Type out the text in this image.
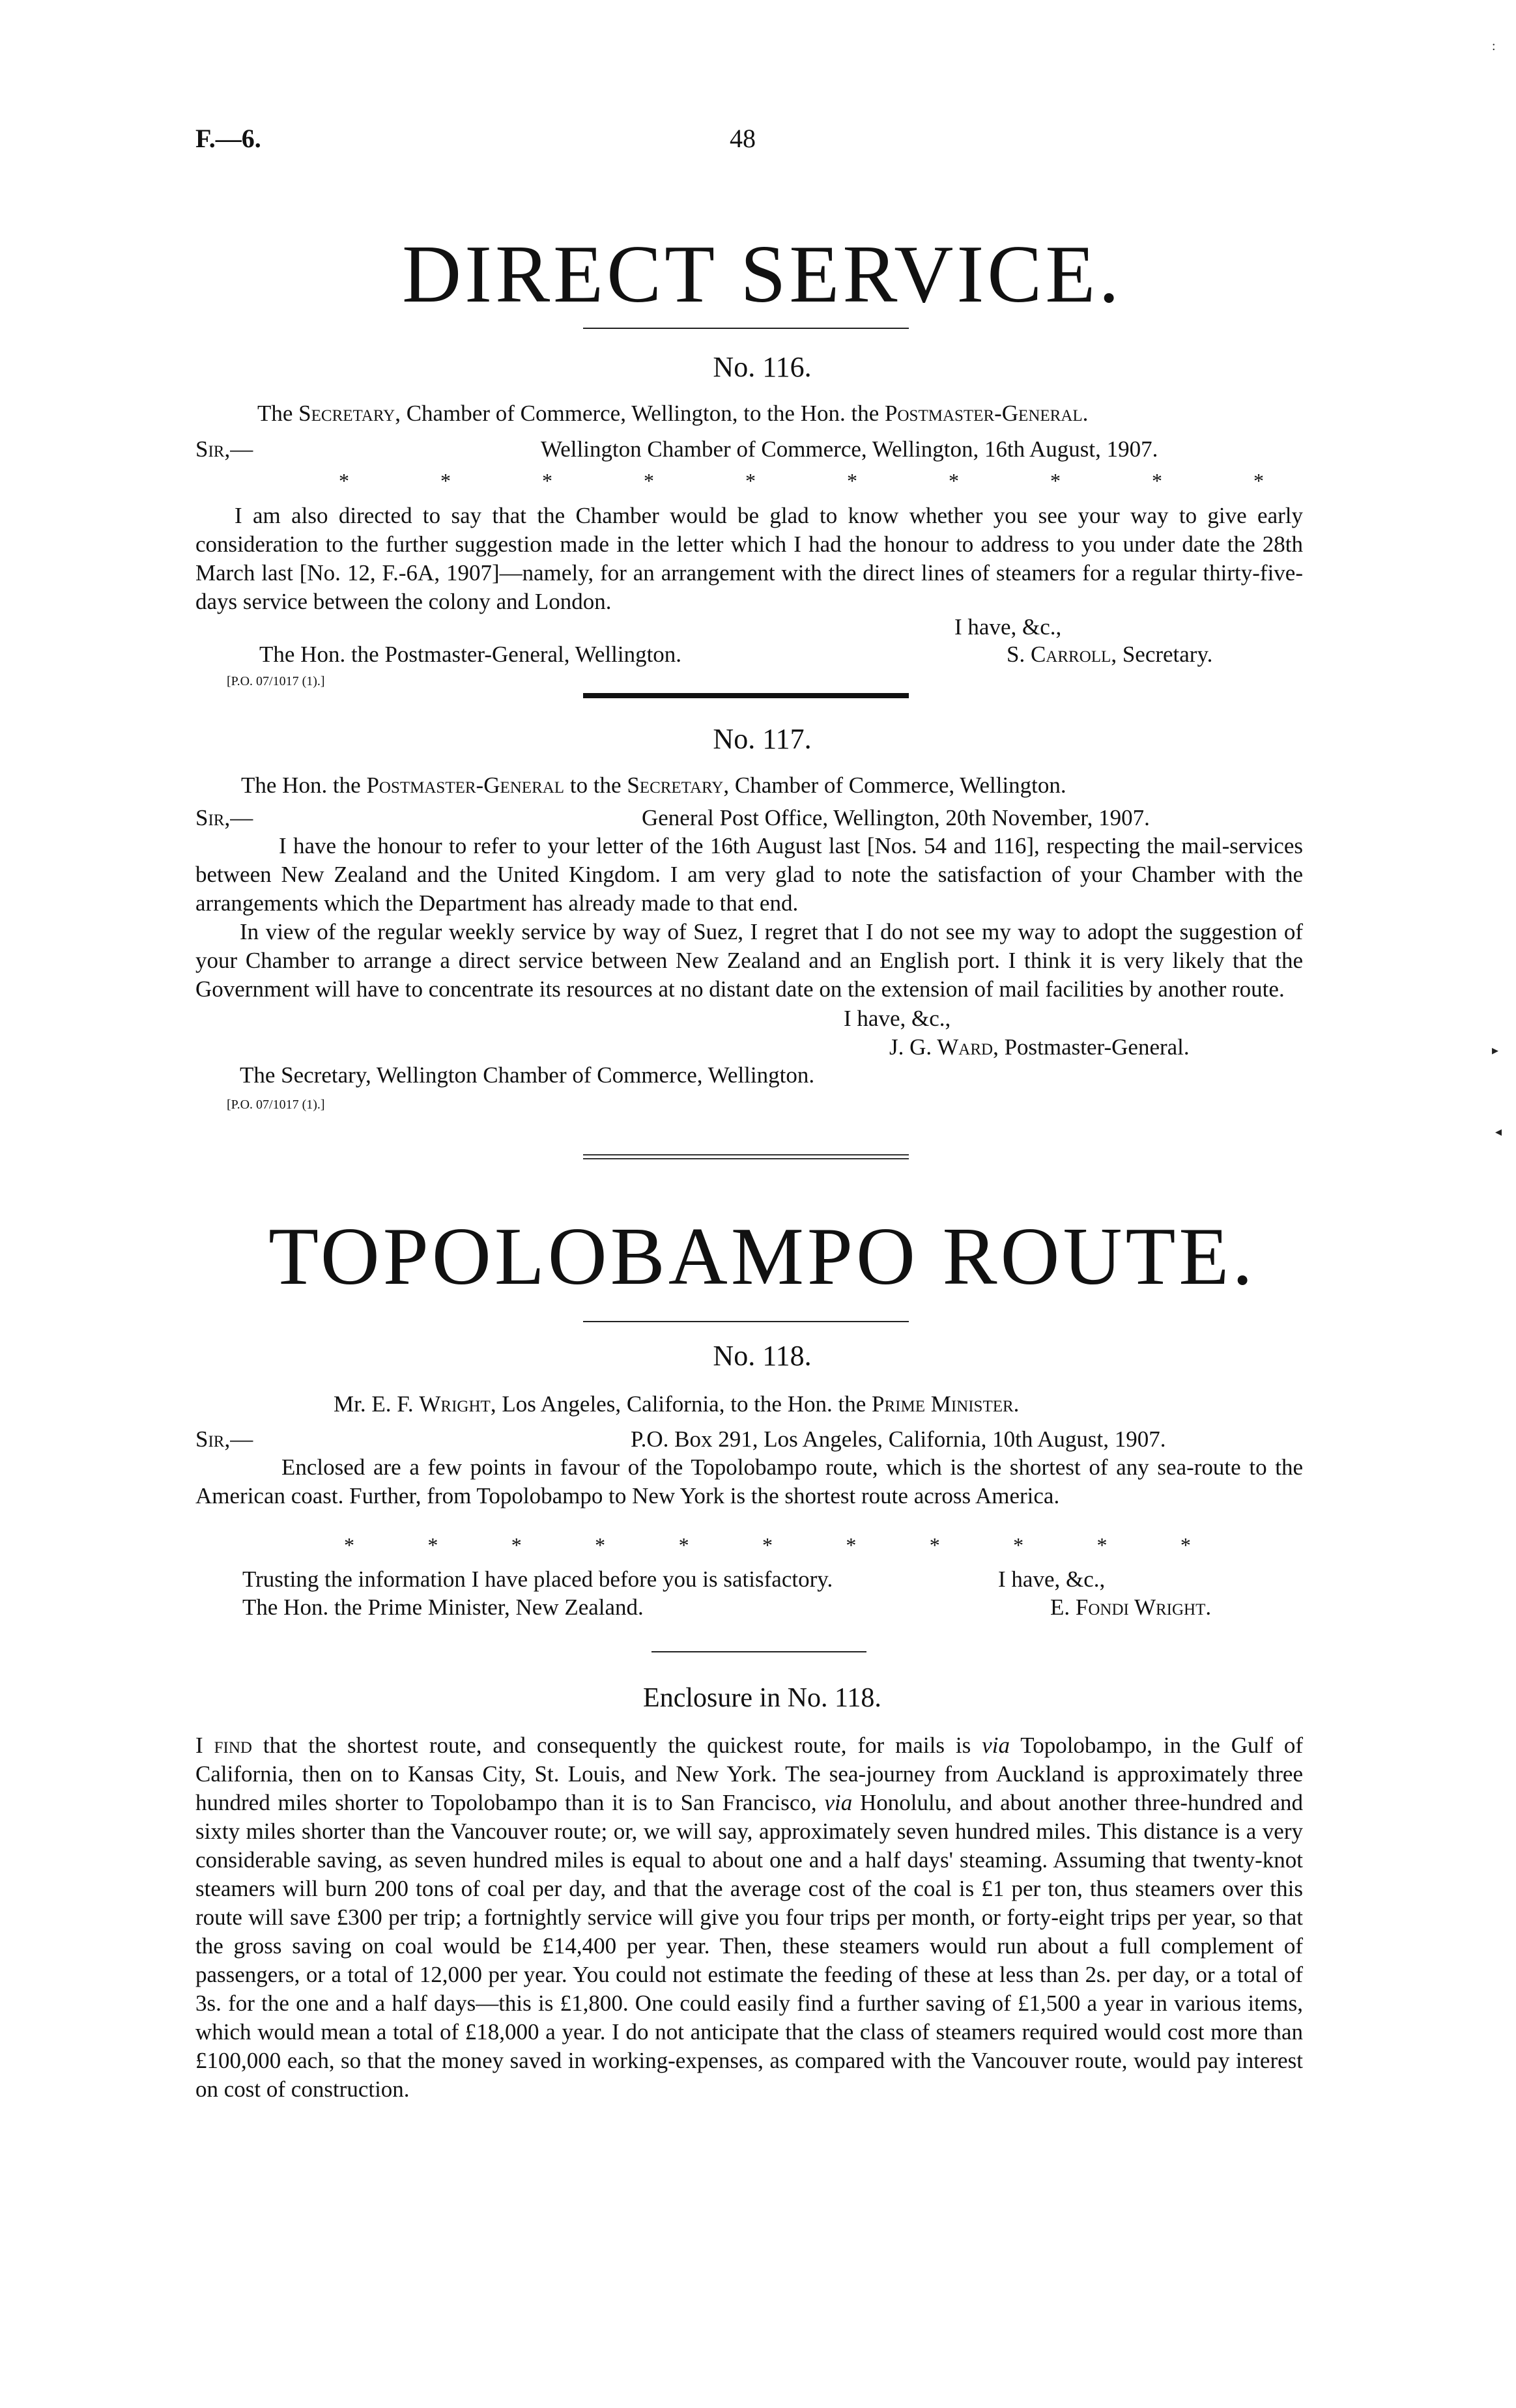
F.—6.	48
:
DIRECT SERVICE.
No. 116.
The Secretary, Chamber of Commerce, Wellington, to the Hon. the Postmaster-General.
Sir,—	Wellington Chamber of Commerce, Wellington, 16th August, 1907.
*	*	*	*	*	*	*	*	*	*
I am also directed to say that the Chamber would be glad to know whether you see your way to give early consideration to the further suggestion made in the letter which I had the honour to address to you under date the 28th March last [No. 12, F.-6A, 1907]—namely, for an arrangement with the direct lines of steamers for a regular thirty-five-days service between the colony and London.
I have, &c.,
The Hon. the Postmaster-General, Wellington.	S. Carroll, Secretary.
[P.O. 07/1017 (1).]
No. 117.
The Hon. the Postmaster-General to the Secretary, Chamber of Commerce, Wellington.
Sir,—	General Post Office, Wellington, 20th November, 1907.
I have the honour to refer to your letter of the 16th August last [Nos. 54 and 116], respecting the mail-services between New Zealand and the United Kingdom. I am very glad to note the satisfaction of your Chamber with the arrangements which the Department has already made to that end.
In view of the regular weekly service by way of Suez, I regret that I do not see my way to adopt the suggestion of your Chamber to arrange a direct service between New Zealand and an English port. I think it is very likely that the Government will have to concentrate its resources at no distant date on the extension of mail facilities by another route.
I have, &c.,
J. G. Ward, Postmaster-General.
The Secretary, Wellington Chamber of Commerce, Wellington.
[P.O. 07/1017 (1).]
▸
◂
TOPOLOBAMPO ROUTE.
No. 118.
Mr. E. F. Wright, Los Angeles, California, to the Hon. the Prime Minister.
Sir,—	P.O. Box 291, Los Angeles, California, 10th August, 1907.
Enclosed are a few points in favour of the Topolobampo route, which is the shortest of any sea-route to the American coast. Further, from Topolobampo to New York is the shortest route across America.
*	*	*	*	*	*	*	*	*	*	*
Trusting the information I have placed before you is satisfactory.	I have, &c.,
The Hon. the Prime Minister, New Zealand.	E. Fondi Wright.
Enclosure in No. 118.
I find that the shortest route, and consequently the quickest route, for mails is via Topolobampo, in the Gulf of California, then on to Kansas City, St. Louis, and New York. The sea-journey from Auckland is approximately three hundred miles shorter to Topolobampo than it is to San Francisco, via Honolulu, and about another three-hundred and sixty miles shorter than the Vancouver route; or, we will say, approximately seven hundred miles. This distance is a very considerable saving, as seven hundred miles is equal to about one and a half days' steaming. Assuming that twenty-knot steamers will burn 200 tons of coal per day, and that the average cost of the coal is £1 per ton, thus steamers over this route will save £300 per trip; a fortnightly service will give you four trips per month, or forty-eight trips per year, so that the gross saving on coal would be £14,400 per year. Then, these steamers would run about a full complement of passengers, or a total of 12,000 per year. You could not estimate the feeding of these at less than 2s. per day, or a total of 3s. for the one and a half days—this is £1,800. One could easily find a further saving of £1,500 a year in various items, which would mean a total of £18,000 a year. I do not anticipate that the class of steamers required would cost more than £100,000 each, so that the money saved in working-expenses, as compared with the Vancouver route, would pay interest on cost of construction.
